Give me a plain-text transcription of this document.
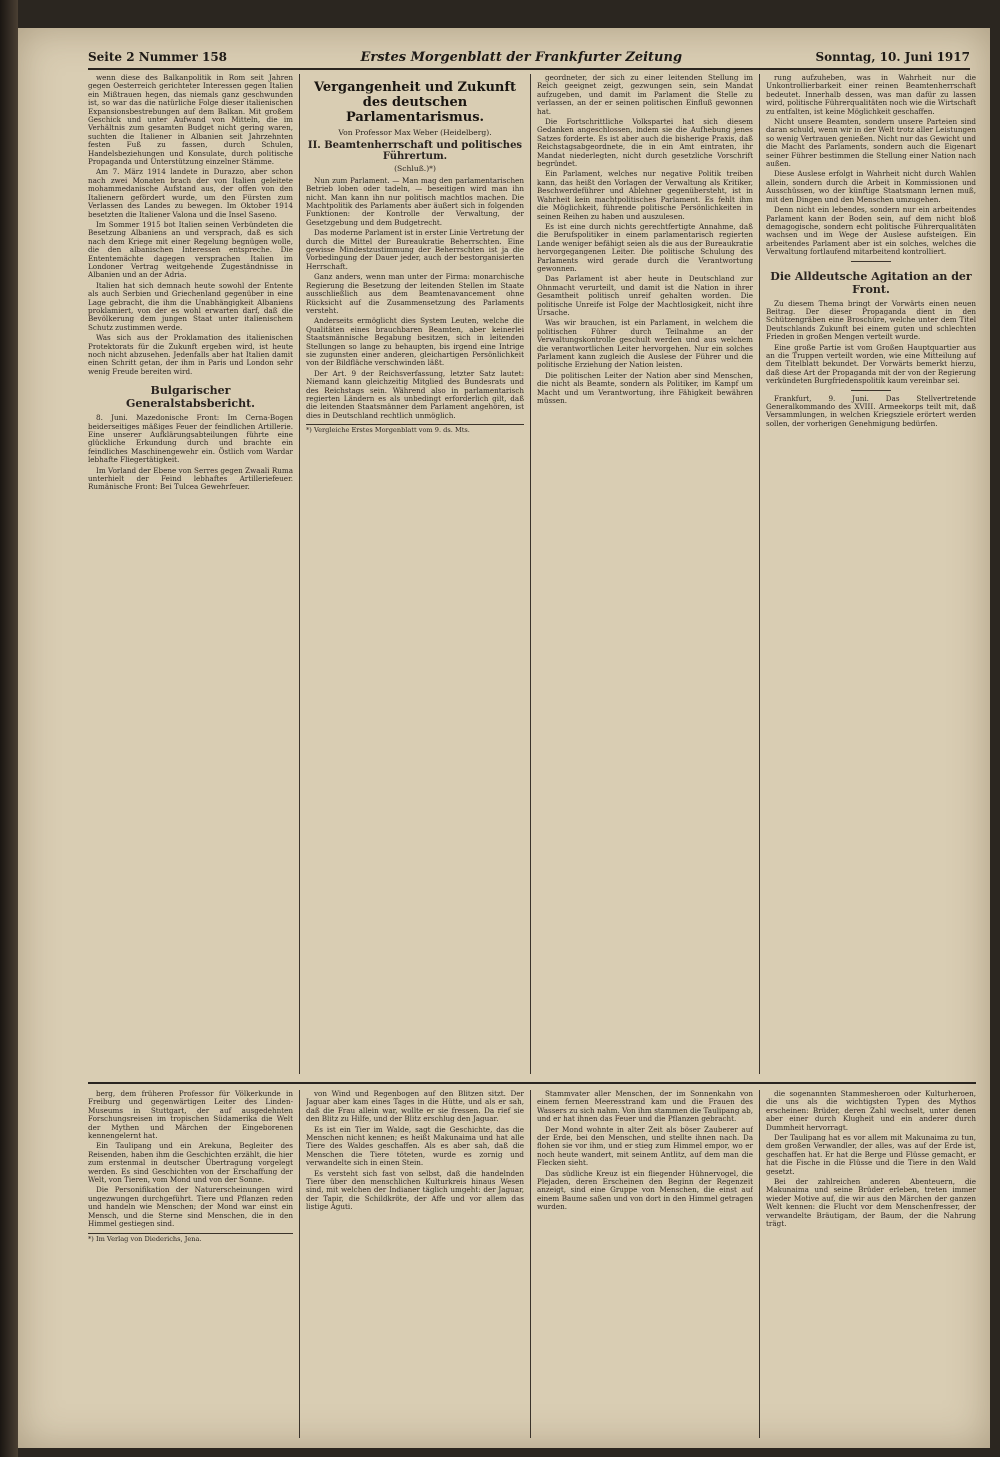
Seite 2 Nummer 158	Erstes Morgenblatt der Frankfurter Zeitung	Sonntag, 10. Juni 1917

wenn diese des Balkanpolitik in Rom seit Jahren gegen Oesterreich gerichteter Interessen gegen Italien ein Mißtrauen hegen, das niemals ganz geschwunden ist, so war das die natürliche Folge dieser italienischen Expansionsbestrebungen auf dem Balkan. Mit großem Geschick und unter Aufwand von Mitteln, die im Verhältnis zum gesamten Budget nicht gering waren, suchten die Italiener in Albanien seit Jahrzehnten festen Fuß zu fassen, durch Schulen, Handelsbeziehungen und Konsulate, durch politische Propaganda und Unterstützung einzelner Stämme.

Am 7. März 1914 landete in Durazzo, aber schon nach zwei Monaten brach der von Italien geleitete mohammedanische Aufstand aus, der offen von den Italienern gefördert wurde, um den Fürsten zum Verlassen des Landes zu bewegen. Im Oktober 1914 besetzten die Italiener Valona und die Insel Saseno.

Im Sommer 1915 bot Italien seinen Verbündeten die Besetzung Albaniens an und versprach, daß es sich nach dem Kriege mit einer Regelung begnügen wolle, die den albanischen Interessen entspreche. Die Ententemächte dagegen versprachen Italien im Londoner Vertrag weitgehende Zugeständnisse in Albanien und an der Adria.

Italien hat sich demnach heute sowohl der Entente als auch Serbien und Griechenland gegenüber in eine Lage gebracht, die ihm die Unabhängigkeit Albaniens proklamiert, von der es wohl erwarten darf, daß die Bevölkerung dem jungen Staat unter italienischem Schutz zustimmen werde.

Was sich aus der Proklamation des italienischen Protektorats für die Zukunft ergeben wird, ist heute noch nicht abzusehen. Jedenfalls aber hat Italien damit einen Schritt getan, der ihm in Paris und London sehr wenig Freude bereiten wird.

Bulgarischer Generalstabsbericht.

8. Juni. Mazedonische Front: Im Cerna-Bogen beiderseitiges mäßiges Feuer der feindlichen Artillerie. Eine unserer Aufklärungsabteilungen führte eine glückliche Erkundung durch und brachte ein feindliches Maschinengewehr ein. Östlich vom Wardar lebhafte Fliegertätigkeit.

Im Vorland der Ebene von Serres gegen Zwaali Ruma unterhielt der Feind lebhaftes Artilleriefeuer. Rumänische Front: Bei Tulcea Gewehrfeuer.

Vergangenheit und Zukunft des deutschen Parlamentarismus.
Von Professor Max Weber (Heidelberg).
II. Beamtenherrschaft und politisches Führertum.
(Schluß.)*)

Nun zum Parlament. — Man mag den parlamentarischen Betrieb loben oder tadeln, — beseitigen wird man ihn nicht. Man kann ihn nur politisch machtlos machen. Die Machtpolitik des Parlaments aber äußert sich in folgenden Funktionen: der Kontrolle der Verwaltung, der Gesetzgebung und dem Budgetrecht.

Das moderne Parlament ist in erster Linie Vertretung der durch die Mittel der Bureaukratie Beherrschten. Eine gewisse Mindestzustimmung der Beherrschten ist ja die Vorbedingung der Dauer jeder, auch der bestorganisierten Herrschaft.

Ganz anders, wenn man unter der Firma: monarchische Regierung die Besetzung der leitenden Stellen im Staate ausschließlich aus dem Beamtenavancement ohne Rücksicht auf die Zusammensetzung des Parlaments versteht.

Anderseits ermöglicht dies System Leuten, welche die Qualitäten eines brauchbaren Beamten, aber keinerlei Staatsmännische Begabung besitzen, sich in leitenden Stellungen so lange zu behaupten, bis irgend eine Intrige sie zugunsten einer anderen, gleichartigen Persönlichkeit von der Bildfläche verschwinden läßt.

Der Art. 9 der Reichsverfassung, letzter Satz lautet: Niemand kann gleichzeitig Mitglied des Bundesrats und des Reichstags sein. Während also in parlamentarisch regierten Ländern es als unbedingt erforderlich gilt, daß die leitenden Staatsmänner dem Parlament angehören, ist dies in Deutschland rechtlich unmöglich.

*) Vergleiche Erstes Morgenblatt vom 9. ds. Mts.

geordneter, der sich zu einer leitenden Stellung im Reich geeignet zeigt, gezwungen sein, sein Mandat aufzugeben, und damit im Parlament die Stelle zu verlassen, an der er seinen politischen Einfluß gewonnen hat.

Die Fortschrittliche Volkspartei hat sich diesem Gedanken angeschlossen, indem sie die Aufhebung jenes Satzes forderte. Es ist aber auch die bisherige Praxis, daß Reichstagsabgeordnete, die in ein Amt eintraten, ihr Mandat niederlegten, nicht durch gesetzliche Vorschrift begründet.

Ein Parlament, welches nur negative Politik treiben kann, das heißt den Vorlagen der Verwaltung als Kritiker, Beschwerdeführer und Ablehner gegenübersteht, ist in Wahrheit kein machtpolitisches Parlament. Es fehlt ihm die Möglichkeit, führende politische Persönlichkeiten in seinen Reihen zu haben und auszulesen.

Es ist eine durch nichts gerechtfertigte Annahme, daß die Berufspolitiker in einem parlamentarisch regierten Lande weniger befähigt seien als die aus der Bureaukratie hervorgegangenen Leiter. Die politische Schulung des Parlaments wird gerade durch die Verantwortung gewonnen.

Das Parlament ist aber heute in Deutschland zur Ohnmacht verurteilt, und damit ist die Nation in ihrer Gesamtheit politisch unreif gehalten worden. Die politische Unreife ist Folge der Machtlosigkeit, nicht ihre Ursache.

Was wir brauchen, ist ein Parlament, in welchem die politischen Führer durch Teilnahme an der Verwaltungskontrolle geschult werden und aus welchem die verantwortlichen Leiter hervorgehen. Nur ein solches Parlament kann zugleich die Auslese der Führer und die politische Erziehung der Nation leisten.

Die politischen Leiter der Nation aber sind Menschen, die nicht als Beamte, sondern als Politiker, im Kampf um Macht und um Verantwortung, ihre Fähigkeit bewähren müssen.

rung aufzuheben, was in Wahrheit nur die Unkontrollierbarkeit einer reinen Beamtenherrschaft bedeutet. Innerhalb dessen, was man dafür zu lassen wird, politische Führerqualitäten noch wie die Wirtschaft zu entfalten, ist keine Möglichkeit geschaffen.

Nicht unsere Beamten, sondern unsere Parteien sind daran schuld, wenn wir in der Welt trotz aller Leistungen so wenig Vertrauen genießen. Nicht nur das Gewicht und die Macht des Parlaments, sondern auch die Eigenart seiner Führer bestimmen die Stellung einer Nation nach außen.

Diese Auslese erfolgt in Wahrheit nicht durch Wahlen allein, sondern durch die Arbeit in Kommissionen und Ausschüssen, wo der künftige Staatsmann lernen muß, mit den Dingen und den Menschen umzugehen.

Denn nicht ein lebendes, sondern nur ein arbeitendes Parlament kann der Boden sein, auf dem nicht bloß demagogische, sondern echt politische Führerqualitäten wachsen und im Wege der Auslese aufsteigen. Ein arbeitendes Parlament aber ist ein solches, welches die Verwaltung fortlaufend mitarbeitend kontrolliert.

Die Alldeutsche Agitation an der Front.

Zu diesem Thema bringt der Vorwärts einen neuen Beitrag. Der dieser Propaganda dient in den Schützengräben eine Broschüre, welche unter dem Titel Deutschlands Zukunft bei einem guten und schlechten Frieden in großen Mengen verteilt wurde.

Eine große Partie ist vom Großen Hauptquartier aus an die Truppen verteilt worden, wie eine Mitteilung auf dem Titelblatt bekundet. Der Vorwärts bemerkt hierzu, daß diese Art der Propaganda mit der von der Regierung verkündeten Burgfriedenspolitik kaum vereinbar sei.

Frankfurt, 9. Juni. Das Stellvertretende Generalkommando des XVIII. Armeekorps teilt mit, daß Versammlungen, in welchen Kriegsziele erörtert werden sollen, der vorherigen Genehmigung bedürfen.

berg, dem früheren Professor für Völkerkunde in Freiburg und gegenwärtigen Leiter des Linden-Museums in Stuttgart, der auf ausgedehnten Forschungsreisen im tropischen Südamerika die Welt der Mythen und Märchen der Eingeborenen kennengelernt hat.

Ein Taulipang und ein Arekuna, Begleiter des Reisenden, haben ihm die Geschichten erzählt, die hier zum erstenmal in deutscher Übertragung vorgelegt werden. Es sind Geschichten von der Erschaffung der Welt, von Tieren, vom Mond und von der Sonne.

Die Personifikation der Naturerscheinungen wird ungezwungen durchgeführt. Tiere und Pflanzen reden und handeln wie Menschen; der Mond war einst ein Mensch, und die Sterne sind Menschen, die in den Himmel gestiegen sind.

*) Im Verlag von Diederichs, Jena.

von Wind und Regenbogen auf den Blitzen sitzt. Der Jaguar aber kam eines Tages in die Hütte, und als er sah, daß die Frau allein war, wollte er sie fressen. Da rief sie den Blitz zu Hilfe, und der Blitz erschlug den Jaguar.

Es ist ein Tier im Walde, sagt die Geschichte, das die Menschen nicht kennen; es heißt Makunaima und hat alle Tiere des Waldes geschaffen. Als es aber sah, daß die Menschen die Tiere töteten, wurde es zornig und verwandelte sich in einen Stein.

Es versteht sich fast von selbst, daß die handelnden Tiere über den menschlichen Kulturkreis hinaus Wesen sind, mit welchen der Indianer täglich umgeht: der Jaguar, der Tapir, die Schildkröte, der Affe und vor allem das listige Aguti.

Stammvater aller Menschen, der im Sonnenkahn von einem fernen Meeresstrand kam und die Frauen des Wassers zu sich nahm. Von ihm stammen die Taulipang ab, und er hat ihnen das Feuer und die Pflanzen gebracht.

Der Mond wohnte in alter Zeit als böser Zauberer auf der Erde, bei den Menschen, und stellte ihnen nach. Da flohen sie vor ihm, und er stieg zum Himmel empor, wo er noch heute wandert, mit seinem Antlitz, auf dem man die Flecken sieht.

Das südliche Kreuz ist ein fliegender Hühnervogel, die Plejaden, deren Erscheinen den Beginn der Regenzeit anzeigt, sind eine Gruppe von Menschen, die einst auf einem Baume saßen und von dort in den Himmel getragen wurden.

die sogenannten Stammesheroen oder Kulturheroen, die uns als die wichtigsten Typen des Mythos erscheinen: Brüder, deren Zahl wechselt, unter denen aber einer durch Klugheit und ein anderer durch Dummheit hervorragt.

Der Taulipang hat es vor allem mit Makunaima zu tun, dem großen Verwandler, der alles, was auf der Erde ist, geschaffen hat. Er hat die Berge und Flüsse gemacht, er hat die Fische in die Flüsse und die Tiere in den Wald gesetzt.

Bei der zahlreichen anderen Abenteuern, die Makunaima und seine Brüder erleben, treten immer wieder Motive auf, die wir aus den Märchen der ganzen Welt kennen: die Flucht vor dem Menschenfresser, der verwandelte Bräutigam, der Baum, der die Nahrung trägt.
